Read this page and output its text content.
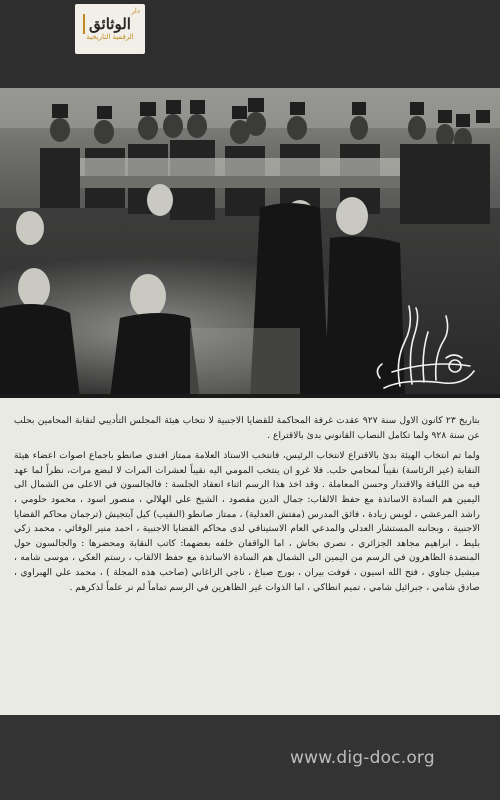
دار
الوثائق
الرقمية التاريخية

بتاريخ ٢٣ كانون الاول سنة ٩٢٧ عقدت غرفة المحاكمة للقضايا الاجنبية لا نتخاب هيئة المجلس التأديبي لنقابة المحامين بحلب عن سنة ٩٢٨ ولما تكامل النصاب القانوني بدئ بالاقتراع .

ولما تم انتخاب الهيئة بدئ بالاقتراع لانتخاب الرئيس، فانتخب الاستاذ العلامة ممتاز افندي صانطو باجماع اصوات اعضاء هيئة النقابة (غير الرئاسة) نقيباً لمحامي حلب. فلا غرو ان ينتخب المومي اليه نقيباً لعشرات المرات لا لبضع مرات، نظراً لما عهد فيه من اللياقة والاقتدار وحسن المعاملة . وقد اخذ هذا الرسم اثناء انعقاد الجلسة : فالجالسون في الاعلى من الشمال الى اليمين هم السادة الاساتذة مع حفظ الالقاب: جمال الدين مقصود ، الشيخ علي الهلالي ، منصور اسود ، محمود حلومي ، راشد المرعشي ، لويس زيادة ، فائق المدرس (مفتش العدلية) ، ممتاز صانطو (النقيب) كيل آيتجيش (ترجمان محاكم القضايا الاجنبية ، وبجانبه المستشار العدلي والمدعي العام الاستينافي لدى محاكم القضايا الاجنبية ، احمد منير الوفائي ، محمد زكي بليط ، ابراهيم مجاهد الجزائري ، نصري بخاش ، اما الواقفان خلفه بعضهما: كاتب النقابة ومحضرها : والجالسون حول المنضدة الظاهرون في الرسم من اليمين الى الشمال هم السادة الاساتذة مع حفظ الالقاب ، رستم العكي ، موسى شامه ، ميشيل جناوي ، فتح الله اسيون ، فوفت بيران ، بورج صباغ ، ناجي الزاغاني (صاحب هذه المجلة ) ، محمد علي الهبراوي ، صادق شامي ، جبرائيل شامي ، تميم انطاكي ، اما الذوات غير الظاهرين في الرسم تماماً لم نر علماً لذكرهم .

www.dig-doc.org
